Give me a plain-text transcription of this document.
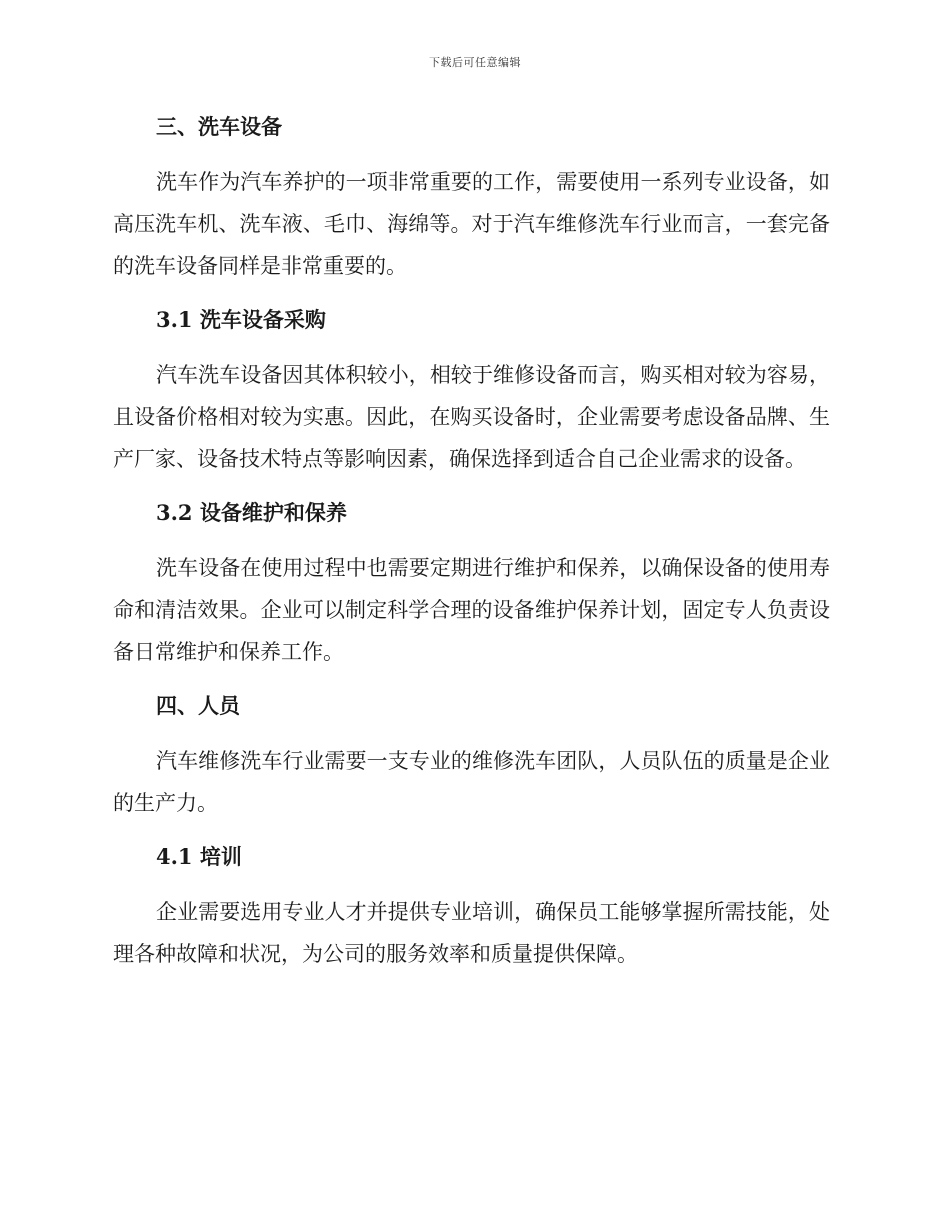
下载后可任意编辑
三、洗车设备

洗车作为汽车养护的一项非常重要的工作，需要使用一系列专业设备，如高压洗车机、洗车液、毛巾、海绵等。对于汽车维修洗车行业而言，一套完备的洗车设备同样是非常重要的。

3.1 洗车设备采购

汽车洗车设备因其体积较小，相较于维修设备而言，购买相对较为容易，且设备价格相对较为实惠。因此，在购买设备时，企业需要考虑设备品牌、生产厂家、设备技术特点等影响因素，确保选择到适合自己企业需求的设备。

3.2 设备维护和保养

洗车设备在使用过程中也需要定期进行维护和保养，以确保设备的使用寿命和清洁效果。企业可以制定科学合理的设备维护保养计划，固定专人负责设备日常维护和保养工作。

四、人员

汽车维修洗车行业需要一支专业的维修洗车团队，人员队伍的质量是企业的生产力。

4.1 培训

企业需要选用专业人才并提供专业培训，确保员工能够掌握所需技能，处理各种故障和状况，为公司的服务效率和质量提供保障。
